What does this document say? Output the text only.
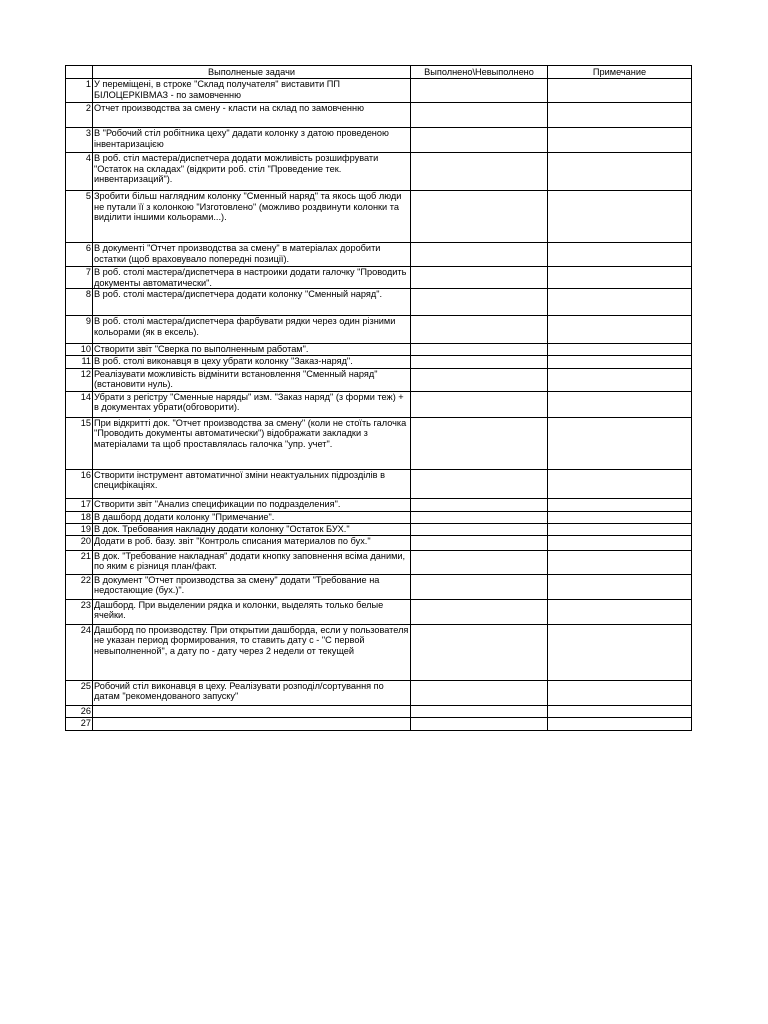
	Выполненые задачи	Выполнено\Невыполнено	Примечание
1	У переміщені, в строке "Склад получателя" виставити ПП БІЛОЦЕРКІВМАЗ - по замовченню		
2	Отчет производства за смену - класти на склад по замовченню		
3	В "Робочий стіл робітника цеху" дадати колонку з датою проведеною інвентаризацією		
4	В роб. стіл мастера/диспетчера додати можливість розшифрувати "Остаток на складах" (відкрити роб. стіл "Проведение тек. инвентаризаций").		
5	Зробити більш наглядним колонку "Сменный наряд" та якось щоб люди не путали її з колонкою "Изготовлено" (можливо роздвинути колонки та виділити іншими кольорами...).		
6	В документі "Отчет производства за смену" в матеріалах доробити остатки (щоб враховувало попередні позиції).		
7	В роб. столі мастера/диспетчера в настроики додати галочку "Проводить документы автоматически".		
8	В роб. столі мастера/диспетчера додати колонку "Сменный наряд".		
9	В роб. столі мастера/диспетчера фарбувати рядки через один різними кольорами (як в ексель).		
10	Створити звіт "Сверка по выполненным работам".		
11	В роб. столі виконавця в цеху убрати колонку "Заказ-наряд".		
12	Реалізувати можливість відмінити встановлення "Сменный наряд" (встановити нуль).		
14	Убрати з регістру "Сменные наряды" изм. "Заказ наряд" (з форми теж) + в документах убрати(обговорити).		
15	При відкритті док. "Отчет производства за смену" (коли не стоїть галочка "Проводить документы автоматически") відображати закладки з матеріалами та щоб проставлялась галочка "упр. учет".		
16	Створити інструмент автоматичної зміни неактуальних підрозділів в специфікаціях.		
17	Створити звіт "Анализ спецификации по подразделения".		
18	В дашборд додати колонку "Примечание".		
19	В док. Требования накладну додати колонку "Остаток БУХ."		
20	Додати в роб. базу. звіт "Контроль списания материалов по бух."		
21	В док. "Требование накладная" додати кнопку заповнення всіма даними, по яким є різниця план/факт.		
22	В документ "Отчет производства за смену" додати "Требование на недостающие (бух.)".		
23	Дашборд. При выделении рядка и колонки, выделять только белые ячейки.		
24	Дашборд по производству. При открытии дашборда, если у пользователя не указан период формирования, то ставить дату с - "С первой невыполненной", а дату по - дату через 2 недели от текущей		
25	Робочий стіл виконавця в цеху. Реалізувати розподіл/сортування по датам "рекомендованого запуску"		
26			
27			
